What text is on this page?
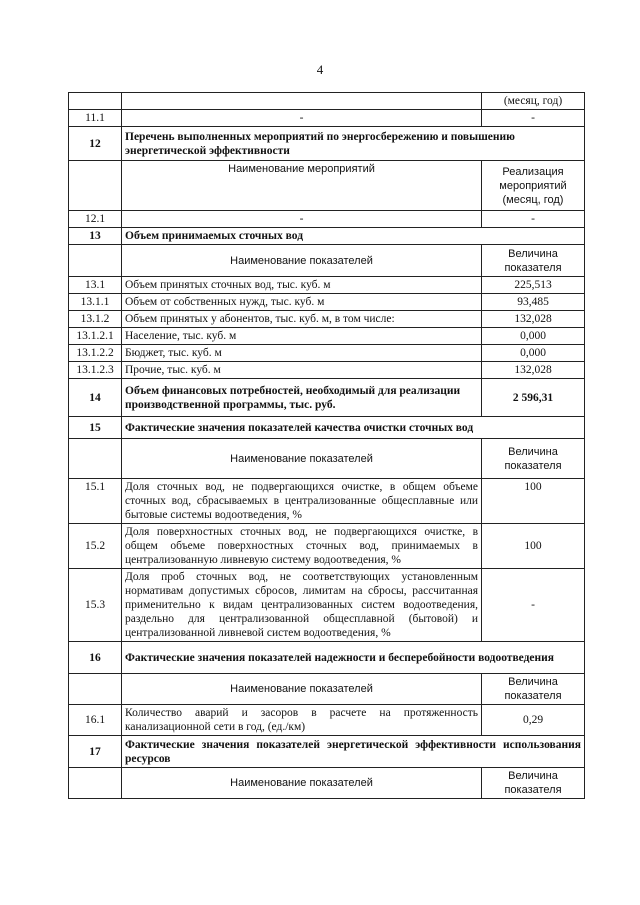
4
		(месяц, год)
11.1	-	-
12	Перечень выполненных мероприятий по энергосбережению и повышению энергетической эффективности	
	Наименование мероприятий	Реализация мероприятий (месяц, год)
12.1	-	-
13	Объем принимаемых сточных вод	
	Наименование показателей	Величина показателя
13.1	Объем принятых сточных вод, тыс. куб. м	225,513
13.1.1	Объем от собственных нужд, тыс. куб. м	93,485
13.1.2	Объем принятых у абонентов, тыс. куб. м, в том числе:	132,028
13.1.2.1	Население, тыс. куб. м	0,000
13.1.2.2	Бюджет, тыс. куб. м	0,000
13.1.2.3	Прочие, тыс. куб. м	132,028
14	Объем финансовых потребностей, необходимый для реализации производственной программы, тыс. руб.	2 596,31
15	Фактические значения показателей качества очистки сточных вод	
	Наименование показателей	Величина показателя
15.1	Доля сточных вод, не подвергающихся очистке, в общем объеме сточных вод, сбрасываемых в централизованные общесплавные или бытовые системы водоотведения, %	100
15.2	Доля поверхностных сточных вод, не подвергающихся очистке, в общем объеме поверхностных сточных вод, принимаемых в централизованную ливневую систему водоотведения, %	100
15.3	Доля проб сточных вод, не соответствующих установленным нормативам допустимых сбросов, лимитам на сбросы, рассчитанная применительно к видам централизованных систем водоотведения, раздельно для централизованной общесплавной (бытовой) и централизованной ливневой систем водоотведения, %	-
16	Фактические значения показателей надежности и бесперебойности водоотведения	
	Наименование показателей	Величина показателя
16.1	Количество аварий и засоров в расчете на протяженность канализационной сети в год, (ед./км)	0,29
17	Фактические значения показателей энергетической эффективности использования ресурсов	
	Наименование показателей	Величина показателя
